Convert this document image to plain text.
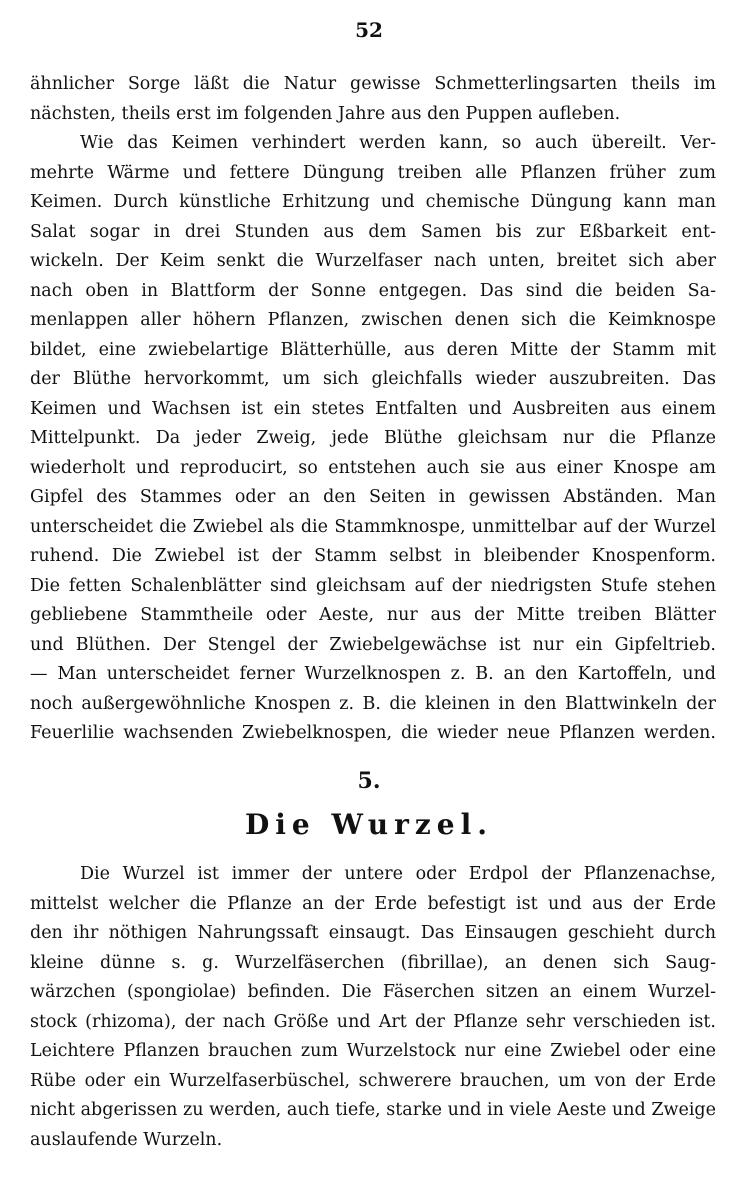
52
ähnlicher Sorge läßt die Natur gewisse Schmetterlingsarten theils im
nächsten, theils erst im folgenden Jahre aus den Puppen aufleben.
Wie das Keimen verhindert werden kann, so auch übereilt. Ver-
mehrte Wärme und fettere Düngung treiben alle Pflanzen früher zum
Keimen. Durch künstliche Erhitzung und chemische Düngung kann man
Salat sogar in drei Stunden aus dem Samen bis zur Eßbarkeit ent-
wickeln. Der Keim senkt die Wurzelfaser nach unten, breitet sich aber
nach oben in Blattform der Sonne entgegen. Das sind die beiden Sa-
menlappen aller höhern Pflanzen, zwischen denen sich die Keimknospe
bildet, eine zwiebelartige Blätterhülle, aus deren Mitte der Stamm mit
der Blüthe hervorkommt, um sich gleichfalls wieder auszubreiten. Das
Keimen und Wachsen ist ein stetes Entfalten und Ausbreiten aus einem
Mittelpunkt. Da jeder Zweig, jede Blüthe gleichsam nur die Pflanze
wiederholt und reproducirt, so entstehen auch sie aus einer Knospe am
Gipfel des Stammes oder an den Seiten in gewissen Abständen. Man
unterscheidet die Zwiebel als die Stammknospe, unmittelbar auf der Wurzel
ruhend. Die Zwiebel ist der Stamm selbst in bleibender Knospenform.
Die fetten Schalenblätter sind gleichsam auf der niedrigsten Stufe stehen
gebliebene Stammtheile oder Aeste, nur aus der Mitte treiben Blätter
und Blüthen. Der Stengel der Zwiebelgewächse ist nur ein Gipfeltrieb.
— Man unterscheidet ferner Wurzelknospen z. B. an den Kartoffeln, und
noch außergewöhnliche Knospen z. B. die kleinen in den Blattwinkeln der
Feuerlilie wachsenden Zwiebelknospen, die wieder neue Pflanzen werden.
5.
Die Wurzel.
Die Wurzel ist immer der untere oder Erdpol der Pflanzenachse,
mittelst welcher die Pflanze an der Erde befestigt ist und aus der Erde
den ihr nöthigen Nahrungssaft einsaugt. Das Einsaugen geschieht durch
kleine dünne s. g. Wurzelfäserchen (fibrillae), an denen sich Saug-
wärzchen (spongiolae) befinden. Die Fäserchen sitzen an einem Wurzel-
stock (rhizoma), der nach Größe und Art der Pflanze sehr verschieden ist.
Leichtere Pflanzen brauchen zum Wurzelstock nur eine Zwiebel oder eine
Rübe oder ein Wurzelfaserbüschel, schwerere brauchen, um von der Erde
nicht abgerissen zu werden, auch tiefe, starke und in viele Aeste und Zweige
auslaufende Wurzeln.
